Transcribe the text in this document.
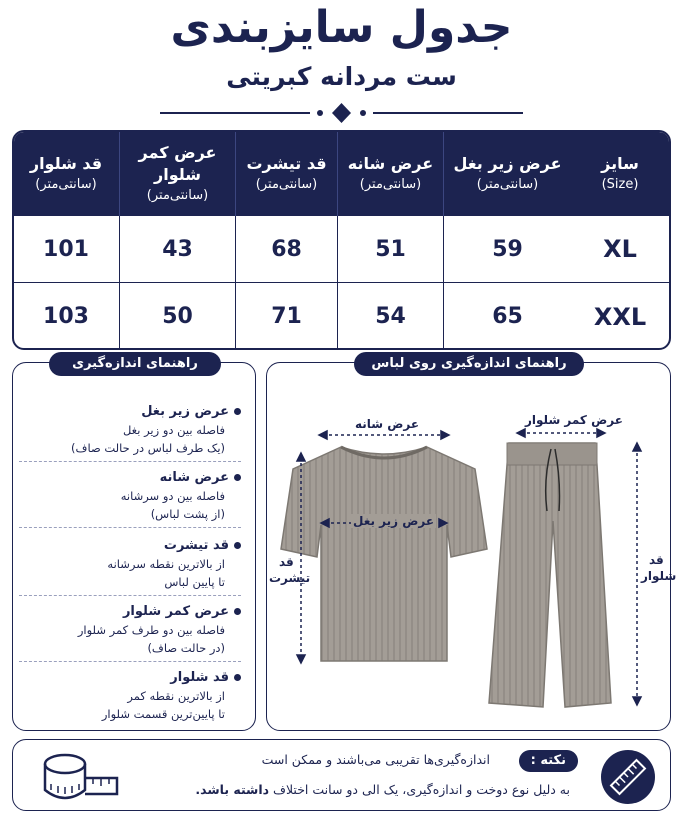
جدول سایزبندی
ست مردانه کبریتی
سایز
(Size)
عرض زیر بغل
(سانتی‌متر)
عرض شانه
(سانتی‌متر)
قد تیشرت
(سانتی‌متر)
عرض کمر شلوار
(سانتی‌متر)
قد شلوار
(سانتی‌متر)
XL
59
51
68
43
101
XXL
65
54
71
50
103
راهنمای اندازه‌گیری
عرض زیر بغل
فاصله بین دو زیر بغل
(یک طرف لباس در حالت صاف)
عرض شانه
فاصله بین دو سرشانه
(از پشت لباس)
قد تیشرت
از بالاترین نقطه سرشانه
تا پایین لباس
عرض کمر شلوار
فاصله بین دو طرف کمر شلوار
(در حالت صاف)
قد شلوار
از بالاترین نقطه کمر
تا پایین‌ترین قسمت شلوار
راهنمای اندازه‌گیری روی لباس
عرض کمر شلوار
عرض شانه
عرض زیر بغل
قد
تیشرت
قد
شلوار
نکته :
اندازه‌گیری‌ها تقریبی می‌باشند و ممکن است
به دلیل نوع دوخت و اندازه‌گیری، یک الی دو سانت اختلاف داشته باشد.
